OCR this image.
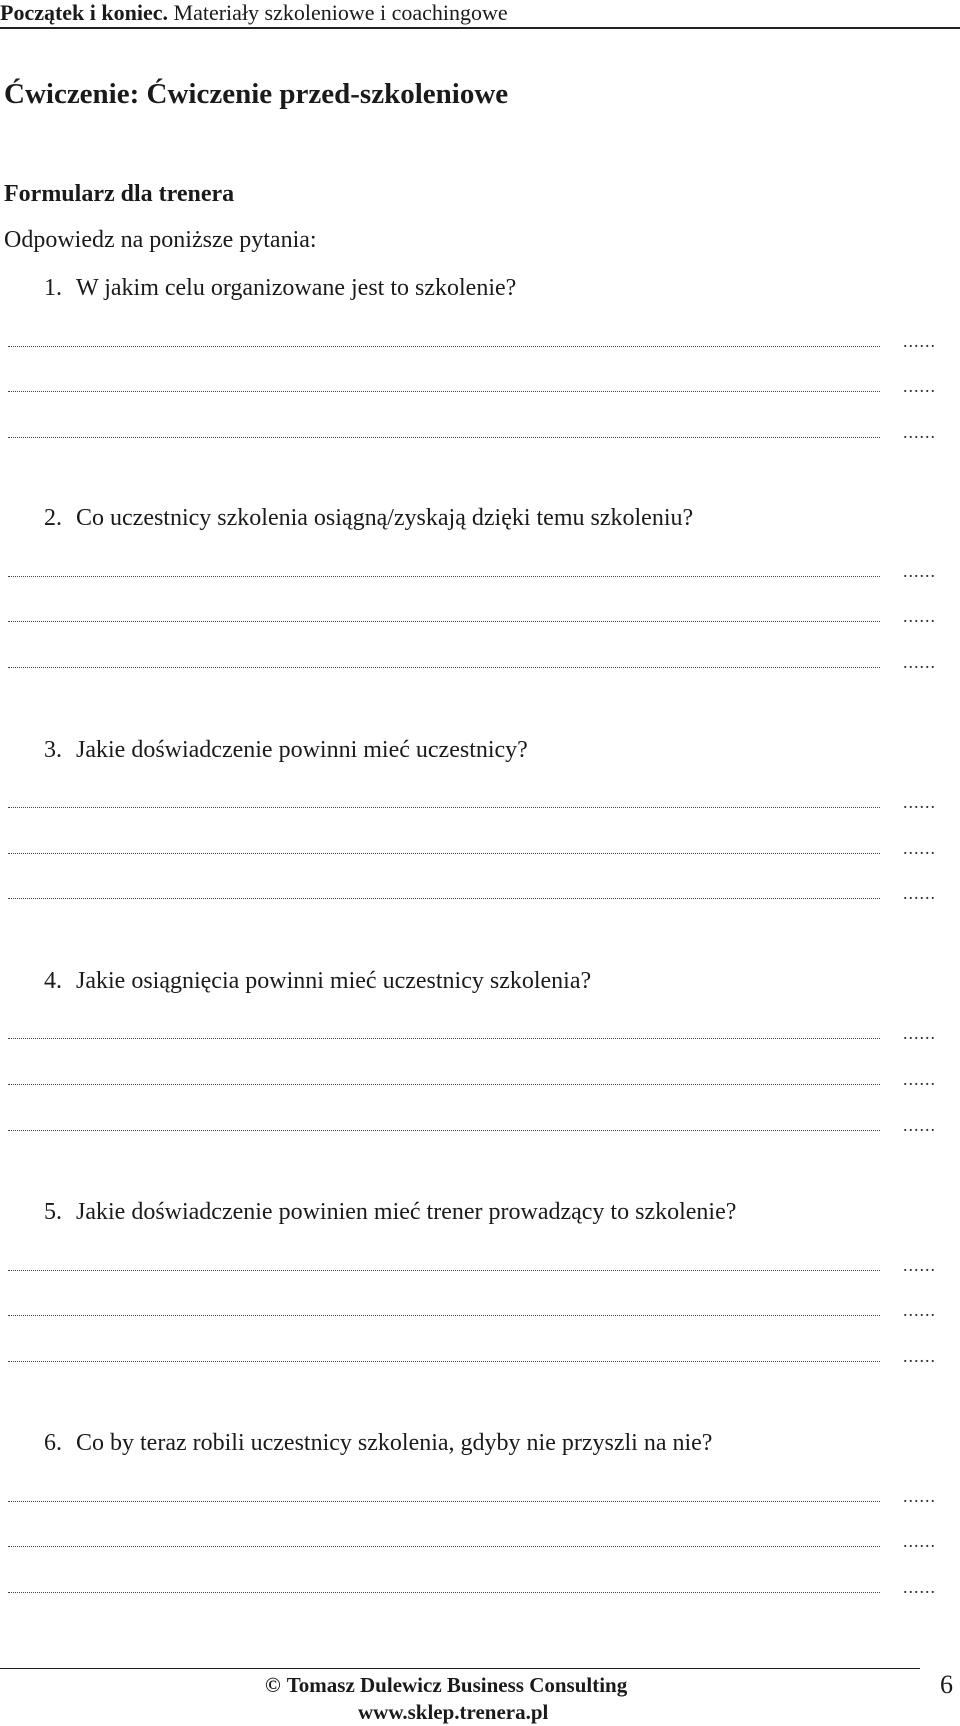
Początek i koniec. Materiały szkoleniowe i coachingowe
Ćwiczenie: Ćwiczenie przed-szkoleniowe
Formularz dla trenera
Odpowiedz na poniższe pytania:
1. W jakim celu organizowane jest to szkolenie?
......
......
......
2. Co uczestnicy szkolenia osiągną/zyskają dzięki temu szkoleniu?
......
......
......
3. Jakie doświadczenie powinni mieć uczestnicy?
......
......
......
4. Jakie osiągnięcia powinni mieć uczestnicy szkolenia?
......
......
......
5. Jakie doświadczenie powinien mieć trener prowadzący to szkolenie?
......
......
......
6. Co by teraz robili uczestnicy szkolenia, gdyby nie przyszli na nie?
......
......
......
© Tomasz Dulewicz Business Consulting
www.sklep.trenera.pl
6
